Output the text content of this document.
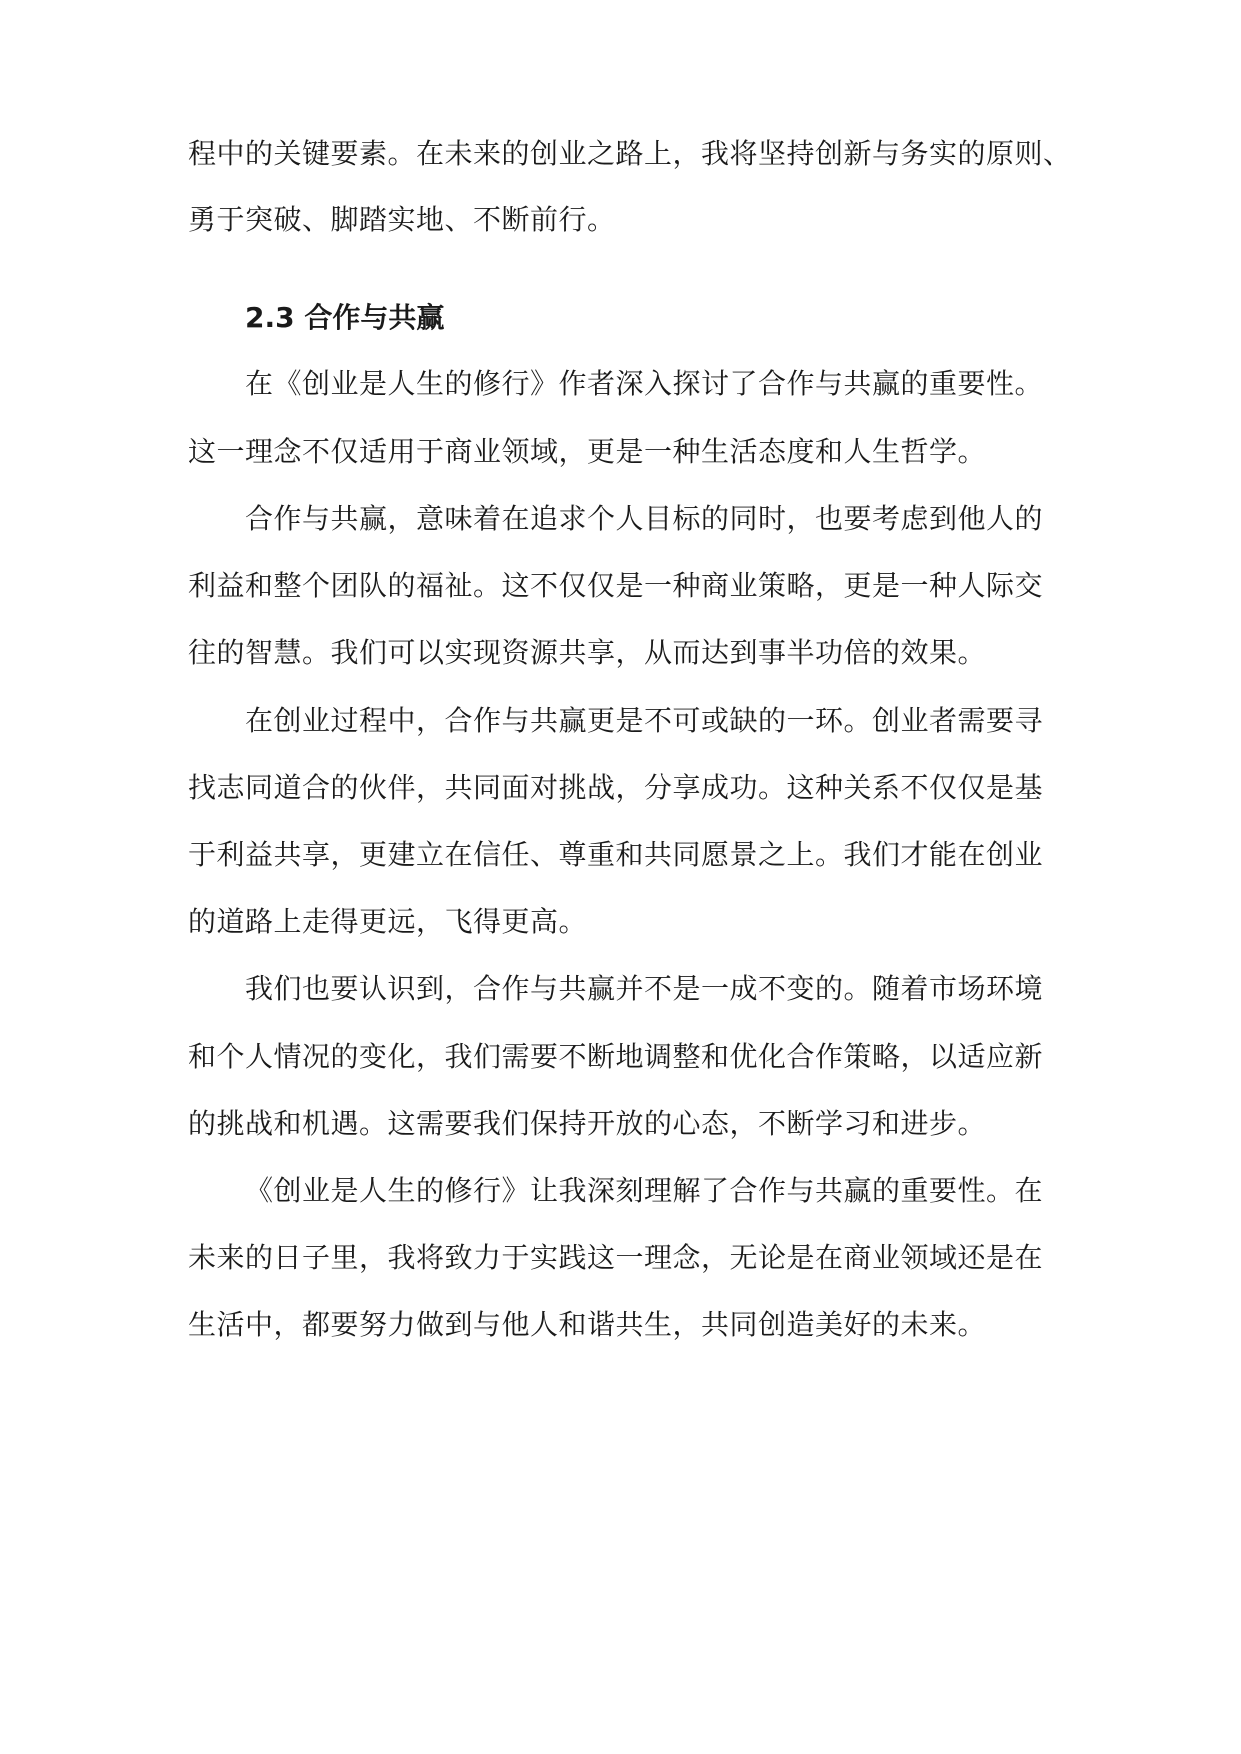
程中的关键要素。在未来的创业之路上，我将坚持创新与务实的原则、
勇于突破、脚踏实地、不断前行。
2.3 合作与共赢
在《创业是人生的修行》作者深入探讨了合作与共赢的重要性。
这一理念不仅适用于商业领域，更是一种生活态度和人生哲学。
合作与共赢，意味着在追求个人目标的同时，也要考虑到他人的
利益和整个团队的福祉。这不仅仅是一种商业策略，更是一种人际交
往的智慧。我们可以实现资源共享，从而达到事半功倍的效果。
在创业过程中，合作与共赢更是不可或缺的一环。创业者需要寻
找志同道合的伙伴，共同面对挑战，分享成功。这种关系不仅仅是基
于利益共享，更建立在信任、尊重和共同愿景之上。我们才能在创业
的道路上走得更远，飞得更高。
我们也要认识到，合作与共赢并不是一成不变的。随着市场环境
和个人情况的变化，我们需要不断地调整和优化合作策略，以适应新
的挑战和机遇。这需要我们保持开放的心态，不断学习和进步。
《创业是人生的修行》让我深刻理解了合作与共赢的重要性。在
未来的日子里，我将致力于实践这一理念，无论是在商业领域还是在
生活中，都要努力做到与他人和谐共生，共同创造美好的未来。
